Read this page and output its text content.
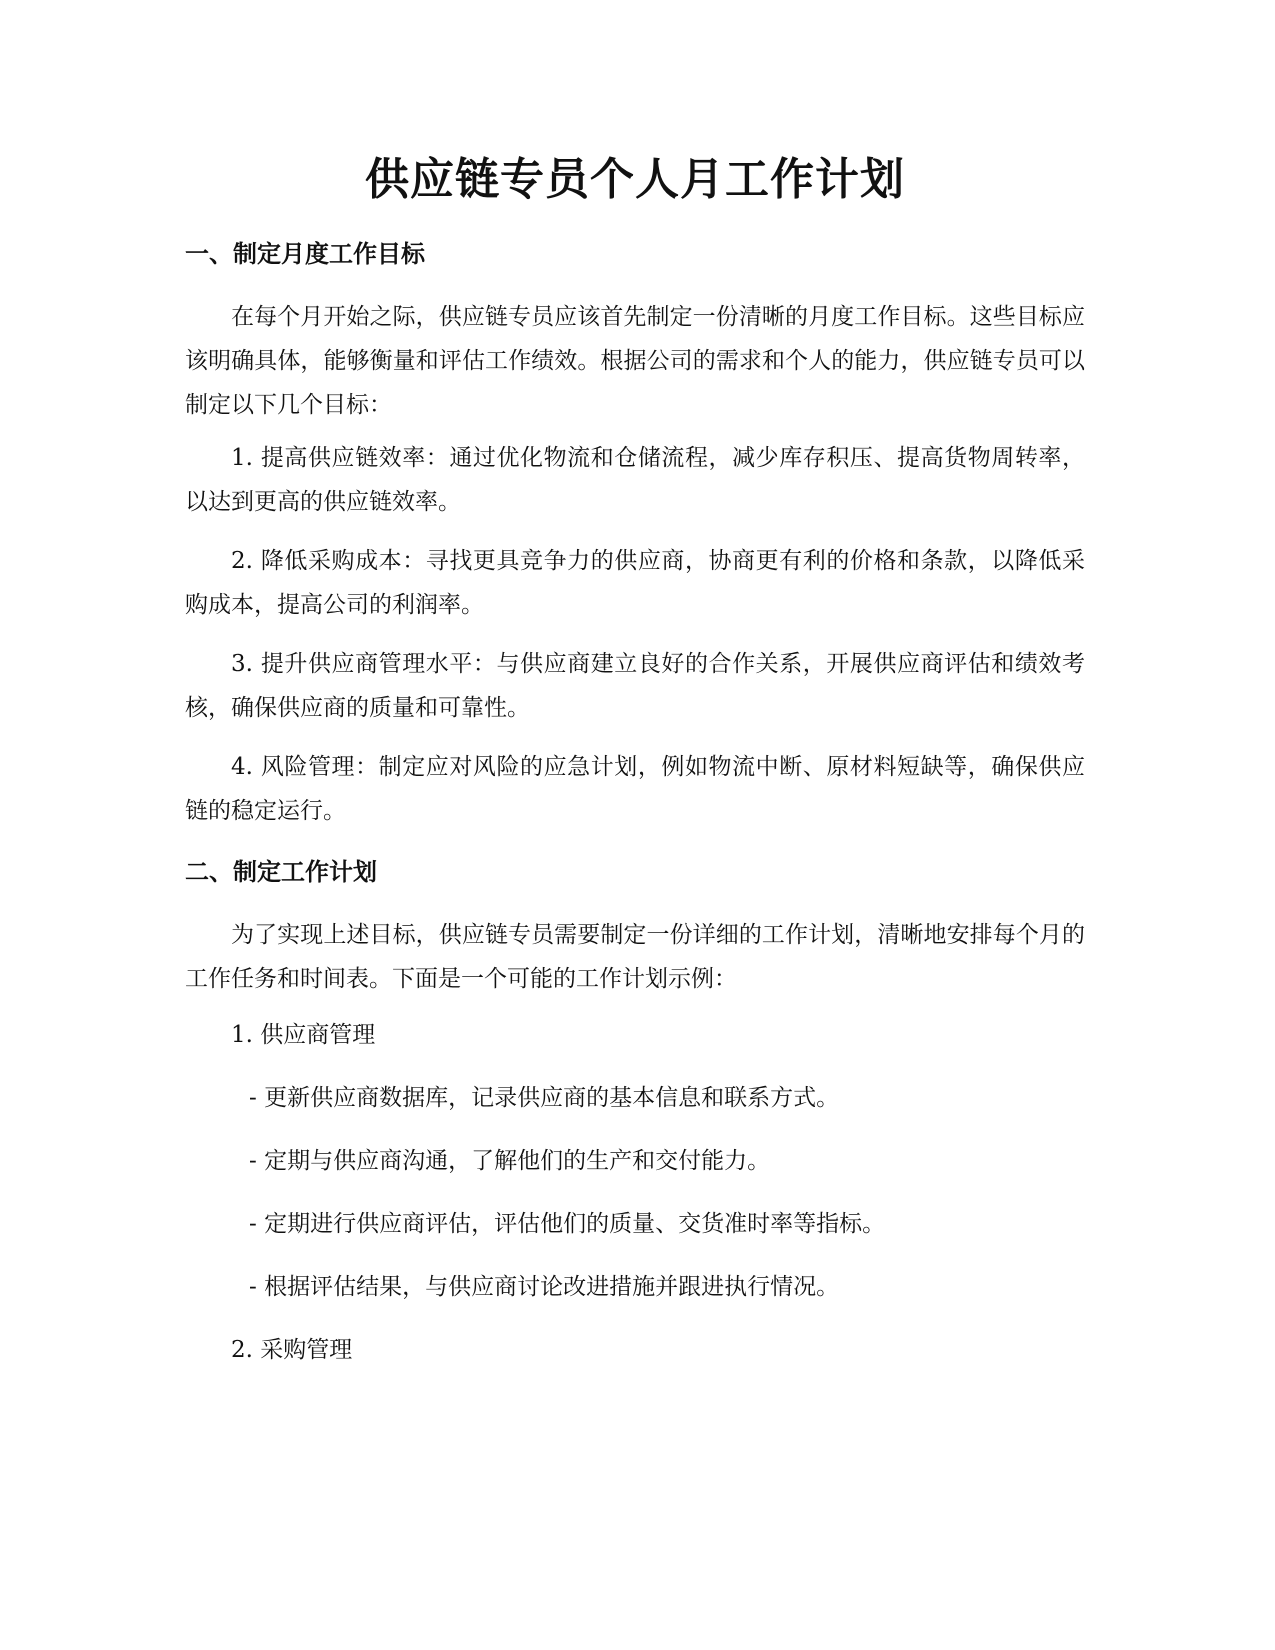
供应链专员个人月工作计划
一、制定月度工作目标

在每个月开始之际，供应链专员应该首先制定一份清晰的月度工作目标。这些目标应该明确具体，能够衡量和评估工作绩效。根据公司的需求和个人的能力，供应链专员可以制定以下几个目标：

1. 提高供应链效率：通过优化物流和仓储流程，减少库存积压、提高货物周转率，以达到更高的供应链效率。

2. 降低采购成本：寻找更具竞争力的供应商，协商更有利的价格和条款，以降低采购成本，提高公司的利润率。

3. 提升供应商管理水平：与供应商建立良好的合作关系，开展供应商评估和绩效考核，确保供应商的质量和可靠性。

4. 风险管理：制定应对风险的应急计划，例如物流中断、原材料短缺等，确保供应链的稳定运行。

二、制定工作计划

为了实现上述目标，供应链专员需要制定一份详细的工作计划，清晰地安排每个月的工作任务和时间表。下面是一个可能的工作计划示例：

1. 供应商管理

- 更新供应商数据库，记录供应商的基本信息和联系方式。

- 定期与供应商沟通，了解他们的生产和交付能力。

- 定期进行供应商评估，评估他们的质量、交货准时率等指标。

- 根据评估结果，与供应商讨论改进措施并跟进执行情况。

2. 采购管理
